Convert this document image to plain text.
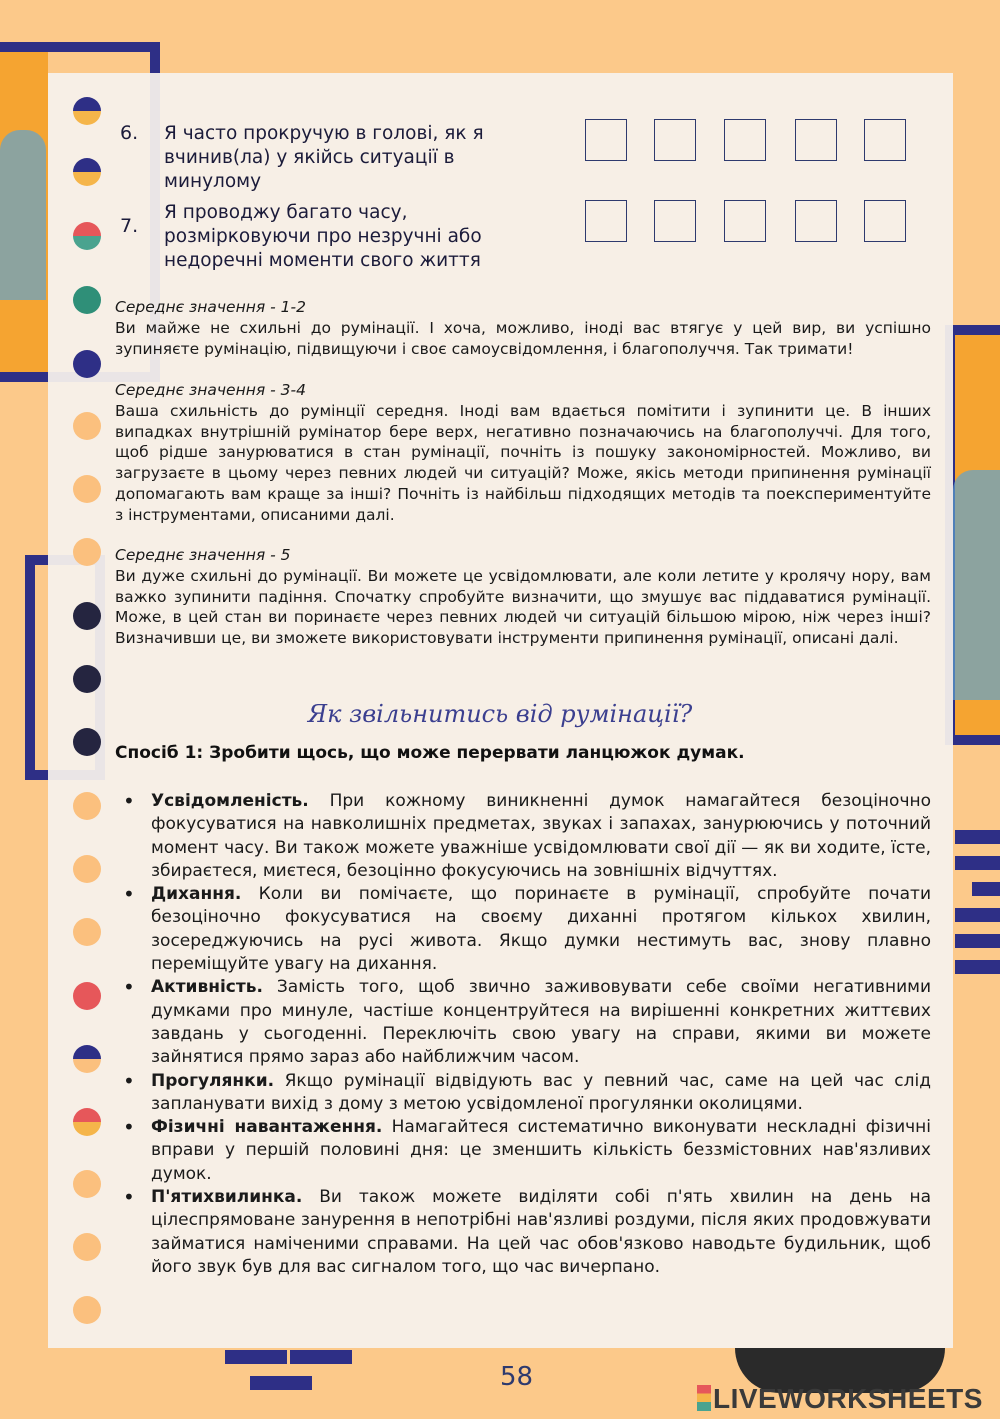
6. Я часто прокручую в голові, як я вчинив(ла) у якійсь ситуації в минулому
7.
Я проводжу багато часу, розмірковуючи про незручні або недоречні моменти свого життя
Середнє значення - 1-2
Ви майже не схильні до румінації. І хоча, можливо, іноді вас втягує у цей вир, ви успішно зупиняєте румінацію, підвищуючи і своє самоусвідомлення, і благополуччя. Так тримати!
Середнє значення - 3-4
Ваша схильність до румінції середня. Іноді вам вдається помітити і зупинити це. В інших випадках внутрішній румінатор бере верх, негативно позначаючись на благополуччі. Для того, щоб рідше занурюватися в стан румінації, почніть із пошуку закономірностей. Можливо, ви загрузаєте в цьому через певних людей чи ситуацій? Може, якісь методи припинення румінації допомагають вам краще за інші? Почніть із найбільш підходящих методів та поекспериментуйте з інструментами, описаними далі.
Середнє значення - 5
Ви дуже схильні до румінації. Ви можете це усвідомлювати, але коли летите у кролячу нору, вам важко зупинити падіння. Спочатку спробуйте визначити, що змушує вас піддаватися румінації. Може, в цей стан ви поринаєте через певних людей чи ситуацій більшою мірою, ніж через інші? Визначивши це, ви зможете використовувати інструменти припинення румінації, описані далі.
Як звільнитись від румінації?
Спосіб 1: Зробити щось, що може перервати ланцюжок думак.
• Усвідомленість. При кожному виникненні думок намагайтеся безоціночно фокусуватися на навколишніх предметах, звуках і запахах, занурюючись у поточний момент часу. Ви також можете уважніше усвідомлювати свої дії — як ви ходите, їсте, збираєтеся, миєтеся, безоцінно фокусуючись на зовнішніх відчуттях.
• Дихання. Коли ви помічаєте, що поринаєте в румінації, спробуйте почати безоціночно фокусуватися на своєму диханні протягом кількох хвилин, зосереджуючись на русі живота. Якщо думки нестимуть вас, знову плавно переміщуйте увагу на дихання.
• Активність. Замість того, щоб звично заживовувати себе своїми негативними думками про минуле, частіше концентруйтеся на вирішенні конкретних життєвих завдань у сьогоденні. Переключіть свою увагу на справи, якими ви можете зайнятися прямо зараз або найближчим часом.
• Прогулянки. Якщо румінації відвідують вас у певний час, саме на цей час слід запланувати вихід з дому з метою усвідомленої прогулянки околицями.
• Фізичні навантаження. Намагайтеся систематично виконувати нескладні фізичні вправи у першій половині дня: це зменшить кількість беззмістовних нав'язливих думок.
• П'ятихвилинка. Ви також можете виділяти собі п'ять хвилин на день на цілеспрямоване занурення в непотрібні нав'язливі роздуми, після яких продовжувати займатися наміченими справами. На цей час обов'язково наводьте будильник, щоб його звук був для вас сигналом того, що час вичерпано.
58
LIVEWORKSHEETS
